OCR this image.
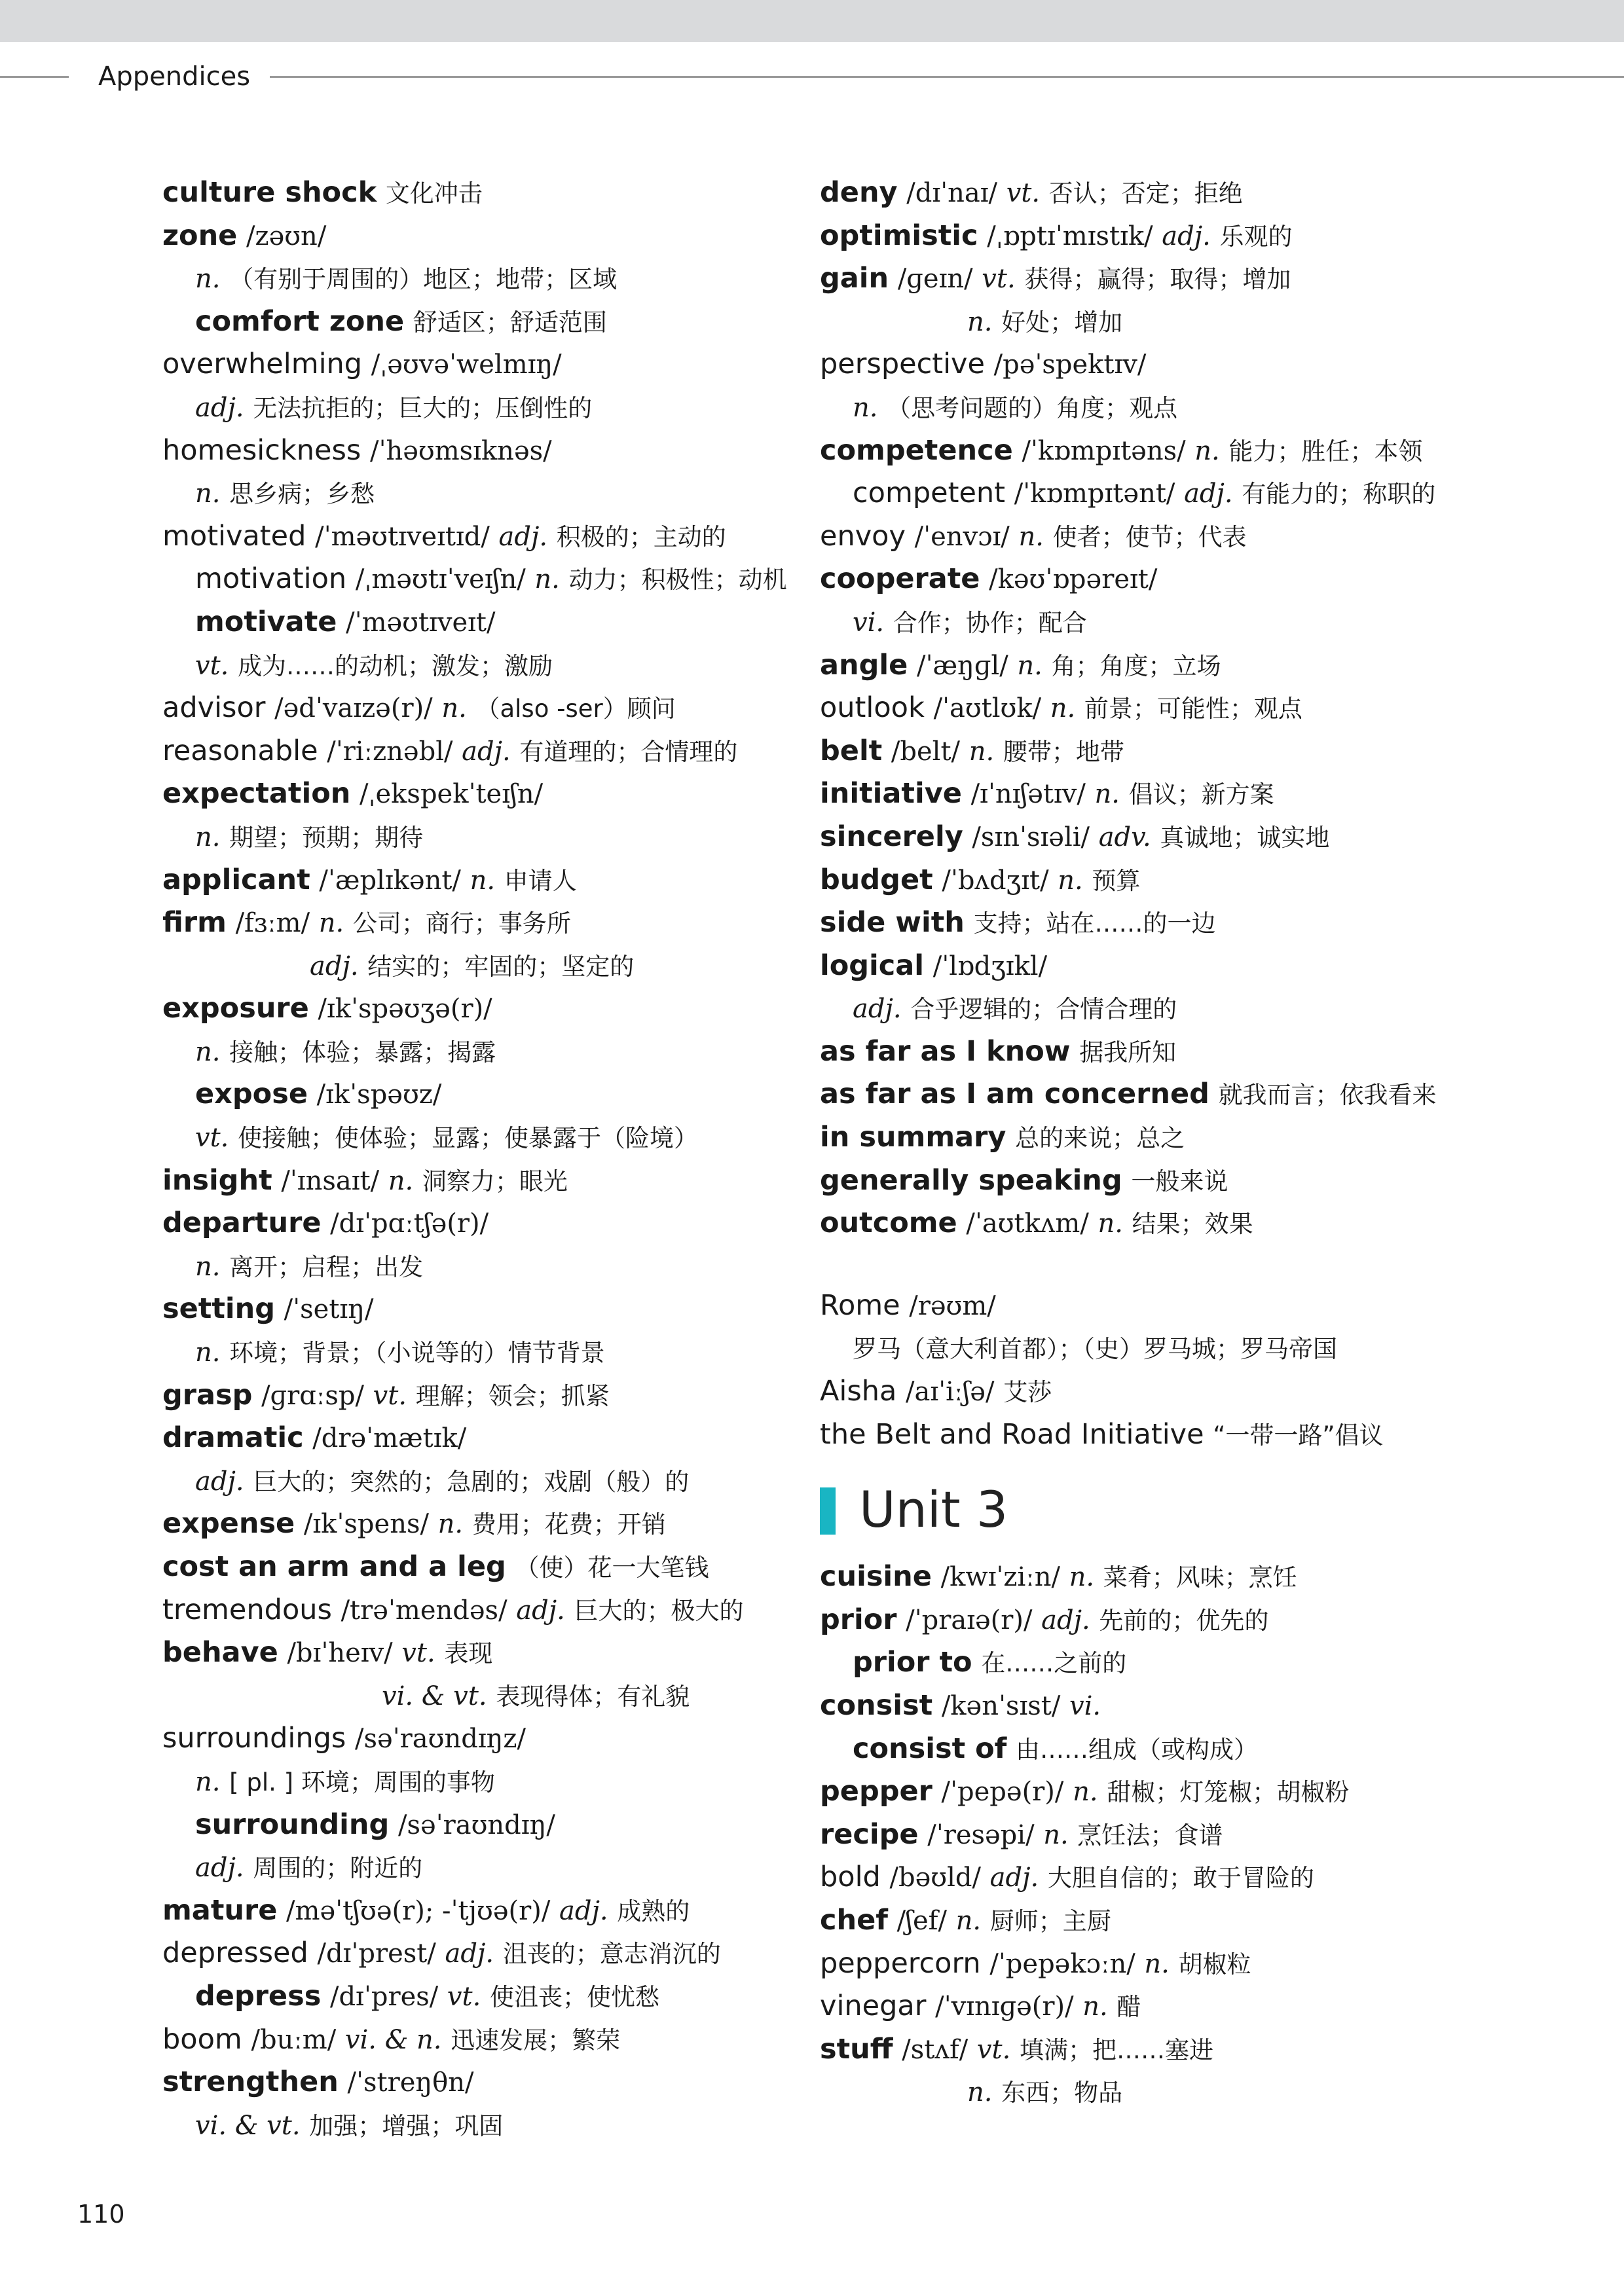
Appendices
culture shock 文化冲击
zone /zəʊn/
n. （有别于周围的）地区；地带；区域
comfort zone 舒适区；舒适范围
overwhelming /ˌəʊvəˈwelmɪŋ/
adj. 无法抗拒的；巨大的；压倒性的
homesickness /ˈhəʊmsɪknəs/
n. 思乡病；乡愁
motivated /ˈməʊtɪveɪtɪd/ adj. 积极的；主动的
motivation /ˌməʊtɪˈveɪʃn/ n. 动力；积极性；动机
motivate /ˈməʊtɪveɪt/
vt. 成为……的动机；激发；激励
advisor /ədˈvaɪzə(r)/ n. （also -ser）顾问
reasonable /ˈriːznəbl/ adj. 有道理的；合情理的
expectation /ˌekspekˈteɪʃn/
n. 期望；预期；期待
applicant /ˈæplɪkənt/ n. 申请人
firm /fɜːm/ n. 公司；商行；事务所
adj. 结实的；牢固的；坚定的
exposure /ɪkˈspəʊʒə(r)/
n. 接触；体验；暴露；揭露
expose /ɪkˈspəʊz/
vt. 使接触；使体验；显露；使暴露于（险境）
insight /ˈɪnsaɪt/ n. 洞察力；眼光
departure /dɪˈpɑːtʃə(r)/
n. 离开；启程；出发
setting /ˈsetɪŋ/
n. 环境；背景；（小说等的）情节背景
grasp /ɡrɑːsp/ vt. 理解；领会；抓紧
dramatic /drəˈmætɪk/
adj. 巨大的；突然的；急剧的；戏剧（般）的
expense /ɪkˈspens/ n. 费用；花费；开销
cost an arm and a leg （使）花一大笔钱
tremendous /trəˈmendəs/ adj. 巨大的；极大的
behave /bɪˈheɪv/ vt. 表现
vi. & vt. 表现得体；有礼貌
surroundings /səˈraʊndɪŋz/
n. [ pl. ] 环境；周围的事物
surrounding /səˈraʊndɪŋ/
adj. 周围的；附近的
mature /məˈtʃʊə(r); -ˈtjʊə(r)/ adj. 成熟的
depressed /dɪˈprest/ adj. 沮丧的；意志消沉的
depress /dɪˈpres/ vt. 使沮丧；使忧愁
boom /buːm/ vi. & n. 迅速发展；繁荣
strengthen /ˈstreŋθn/
vi. & vt. 加强；增强；巩固
deny /dɪˈnaɪ/ vt. 否认；否定；拒绝
optimistic /ˌɒptɪˈmɪstɪk/ adj. 乐观的
gain /ɡeɪn/ vt. 获得；赢得；取得；增加
n. 好处；增加
perspective /pəˈspektɪv/
n. （思考问题的）角度；观点
competence /ˈkɒmpɪtəns/ n. 能力；胜任；本领
competent /ˈkɒmpɪtənt/ adj. 有能力的；称职的
envoy /ˈenvɔɪ/ n. 使者；使节；代表
cooperate /kəʊˈɒpəreɪt/
vi. 合作；协作；配合
angle /ˈæŋɡl/ n. 角；角度；立场
outlook /ˈaʊtlʊk/ n. 前景；可能性；观点
belt /belt/ n. 腰带；地带
initiative /ɪˈnɪʃətɪv/ n. 倡议；新方案
sincerely /sɪnˈsɪəli/ adv. 真诚地；诚实地
budget /ˈbʌdʒɪt/ n. 预算
side with 支持；站在……的一边
logical /ˈlɒdʒɪkl/
adj. 合乎逻辑的；合情合理的
as far as I know 据我所知
as far as I am concerned 就我而言；依我看来
in summary 总的来说；总之
generally speaking 一般来说
outcome /ˈaʊtkʌm/ n. 结果；效果
Rome /rəʊm/
罗马（意大利首都）；（史）罗马城；罗马帝国
Aisha /aɪˈiːʃə/ 艾莎
the Belt and Road Initiative “一带一路”倡议
Unit 3
cuisine /kwɪˈziːn/ n. 菜肴；风味；烹饪
prior /ˈpraɪə(r)/ adj. 先前的；优先的
prior to 在……之前的
consist /kənˈsɪst/ vi.
consist of 由……组成（或构成）
pepper /ˈpepə(r)/ n. 甜椒；灯笼椒；胡椒粉
recipe /ˈresəpi/ n. 烹饪法；食谱
bold /bəʊld/ adj. 大胆自信的；敢于冒险的
chef /ʃef/ n. 厨师；主厨
peppercorn /ˈpepəkɔːn/ n. 胡椒粒
vinegar /ˈvɪnɪɡə(r)/ n. 醋
stuff /stʌf/ vt. 填满；把……塞进
n. 东西；物品
110
